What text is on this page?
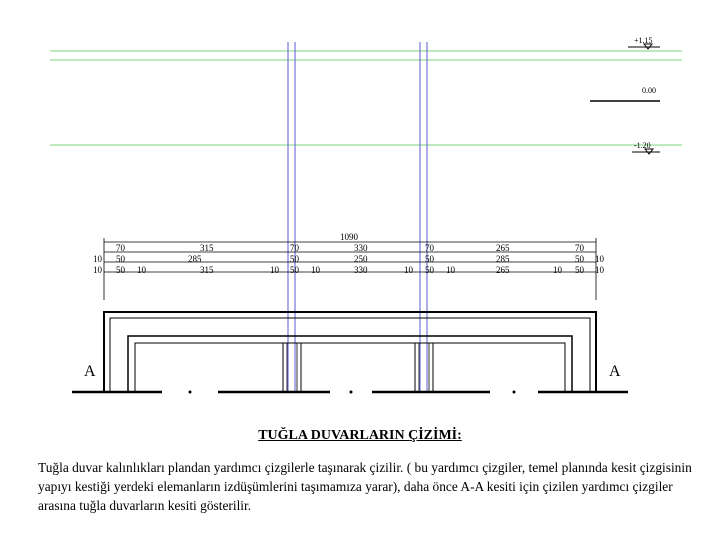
+1.15
0.00
-1.20
1090
70	315	70	330	70	265	70
10 50	285	50	250	50	285	50 10
10 50 10	315	10 50 10	330	10 50 10	265	10 50 10
A	A
TUĞLA DUVARLARIN ÇİZİMİ:
Tuğla duvar kalınlıkları plandan yardımcı çizgilerle taşınarak çizilir. ( bu yardımcı çizgiler, temel planında kesit çizgisinin yapıyı kestiği yerdeki elemanların izdüşümlerini taşımamıza yarar), daha önce A-A kesiti için çizilen yardımcı çizgiler arasına tuğla duvarların kesiti gösterilir.
